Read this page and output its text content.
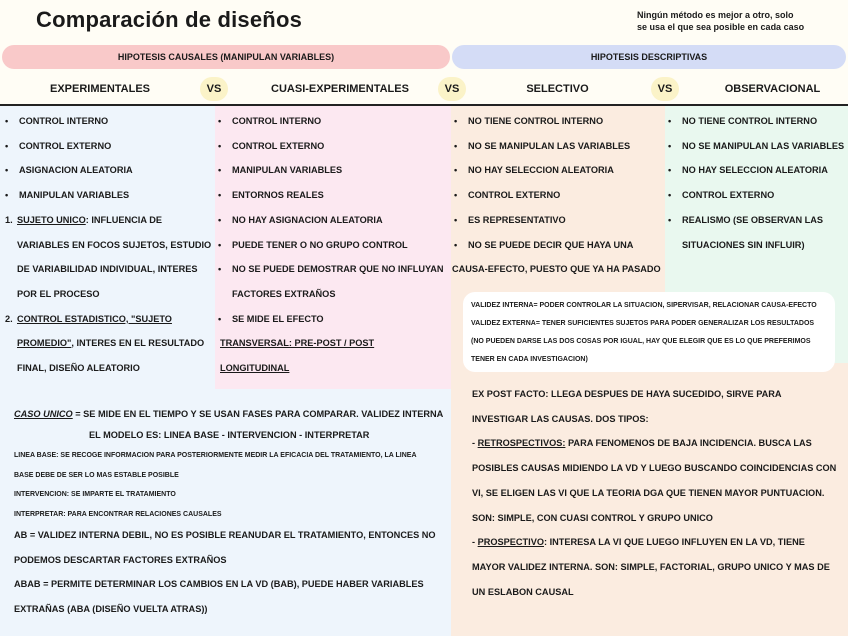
Comparación de diseños	Ningún método es mejor a otro, solo
se usa el que sea posible en cada caso
HIPOTESIS CAUSALES (MANIPULAN VARIABLES)	HIPOTESIS DESCRIPTIVAS
EXPERIMENTALES	VS	CUASI-EXPERIMENTALES	VS	SELECTIVO	VS	OBSERVACIONAL
• CONTROL INTERNO
• CONTROL EXTERNO
• ASIGNACION ALEATORIA
• MANIPULAN VARIABLES
1. SUJETO UNICO: INFLUENCIA DE
VARIABLES EN FOCOS SUJETOS, ESTUDIO
DE VARIABILIDAD INDIVIDUAL, INTERES
POR EL PROCESO
2. CONTROL ESTADISTICO, "SUJETO
PROMEDIO", INTERES EN EL RESULTADO
FINAL, DISEÑO ALEATORIO
• CONTROL INTERNO
• CONTROL EXTERNO
• MANIPULAN VARIABLES
• ENTORNOS REALES
• NO HAY ASIGNACION ALEATORIA
• PUEDE TENER O NO GRUPO CONTROL
• NO SE PUEDE DEMOSTRAR QUE NO INFLUYAN
FACTORES EXTRAÑOS
• SE MIDE EL EFECTO
TRANSVERSAL: PRE-POST / POST
LONGITUDINAL
• NO TIENE CONTROL INTERNO
• NO SE MANIPULAN LAS VARIABLES
• NO HAY SELECCION ALEATORIA
• CONTROL EXTERNO
• ES REPRESENTATIVO
• NO SE PUEDE DECIR QUE HAYA UNA
CAUSA-EFECTO, PUESTO QUE YA HA PASADO
• NO TIENE CONTROL INTERNO
• NO SE MANIPULAN LAS VARIABLES
• NO HAY SELECCION ALEATORIA
• CONTROL EXTERNO
• REALISMO (SE OBSERVAN LAS
SITUACIONES SIN INFLUIR)
VALIDEZ INTERNA= PODER CONTROLAR LA SITUACION, SIPERVISAR, RELACIONAR CAUSA-EFECTO
VALIDEZ EXTERNA= TENER SUFICIENTES SUJETOS PARA PODER GENERALIZAR LOS RESULTADOS
(NO PUEDEN DARSE LAS DOS COSAS POR IGUAL, HAY QUE ELEGIR QUE ES LO QUE PREFERIMOS
TENER EN CADA INVESTIGACION)
CASO UNICO = SE MIDE EN EL TIEMPO Y SE USAN FASES PARA COMPARAR. VALIDEZ INTERNA
EL MODELO ES: LINEA BASE - INTERVENCION - INTERPRETAR
LINEA BASE: SE RECOGE INFORMACION PARA POSTERIORMENTE MEDIR LA EFICACIA DEL TRATAMIENTO, LA LINEA
BASE DEBE DE SER LO MAS ESTABLE POSIBLE
INTERVENCION: SE IMPARTE EL TRATAMIENTO
INTERPRETAR: PARA ENCONTRAR RELACIONES CAUSALES
AB = VALIDEZ INTERNA DEBIL, NO ES POSIBLE REANUDAR EL TRATAMIENTO, ENTONCES NO
PODEMOS DESCARTAR FACTORES EXTRAÑOS
ABAB = PERMITE DETERMINAR LOS CAMBIOS EN LA VD (BAB), PUEDE HABER VARIABLES
EXTRAÑAS (ABA (DISEÑO VUELTA ATRAS))
EX POST FACTO: LLEGA DESPUES DE HAYA SUCEDIDO, SIRVE PARA
INVESTIGAR LAS CAUSAS. DOS TIPOS:
- RETROSPECTIVOS: PARA FENOMENOS DE BAJA INCIDENCIA. BUSCA LAS
POSIBLES CAUSAS MIDIENDO LA VD Y LUEGO BUSCANDO COINCIDENCIAS CON
VI, SE ELIGEN LAS VI QUE LA TEORIA DGA QUE TIENEN MAYOR PUNTUACION.
SON: SIMPLE, CON CUASI CONTROL Y GRUPO UNICO
- PROSPECTIVO: INTERESA LA VI QUE LUEGO INFLUYEN EN LA VD, TIENE
MAYOR VALIDEZ INTERNA. SON: SIMPLE, FACTORIAL, GRUPO UNICO Y MAS DE
UN ESLABON CAUSAL
